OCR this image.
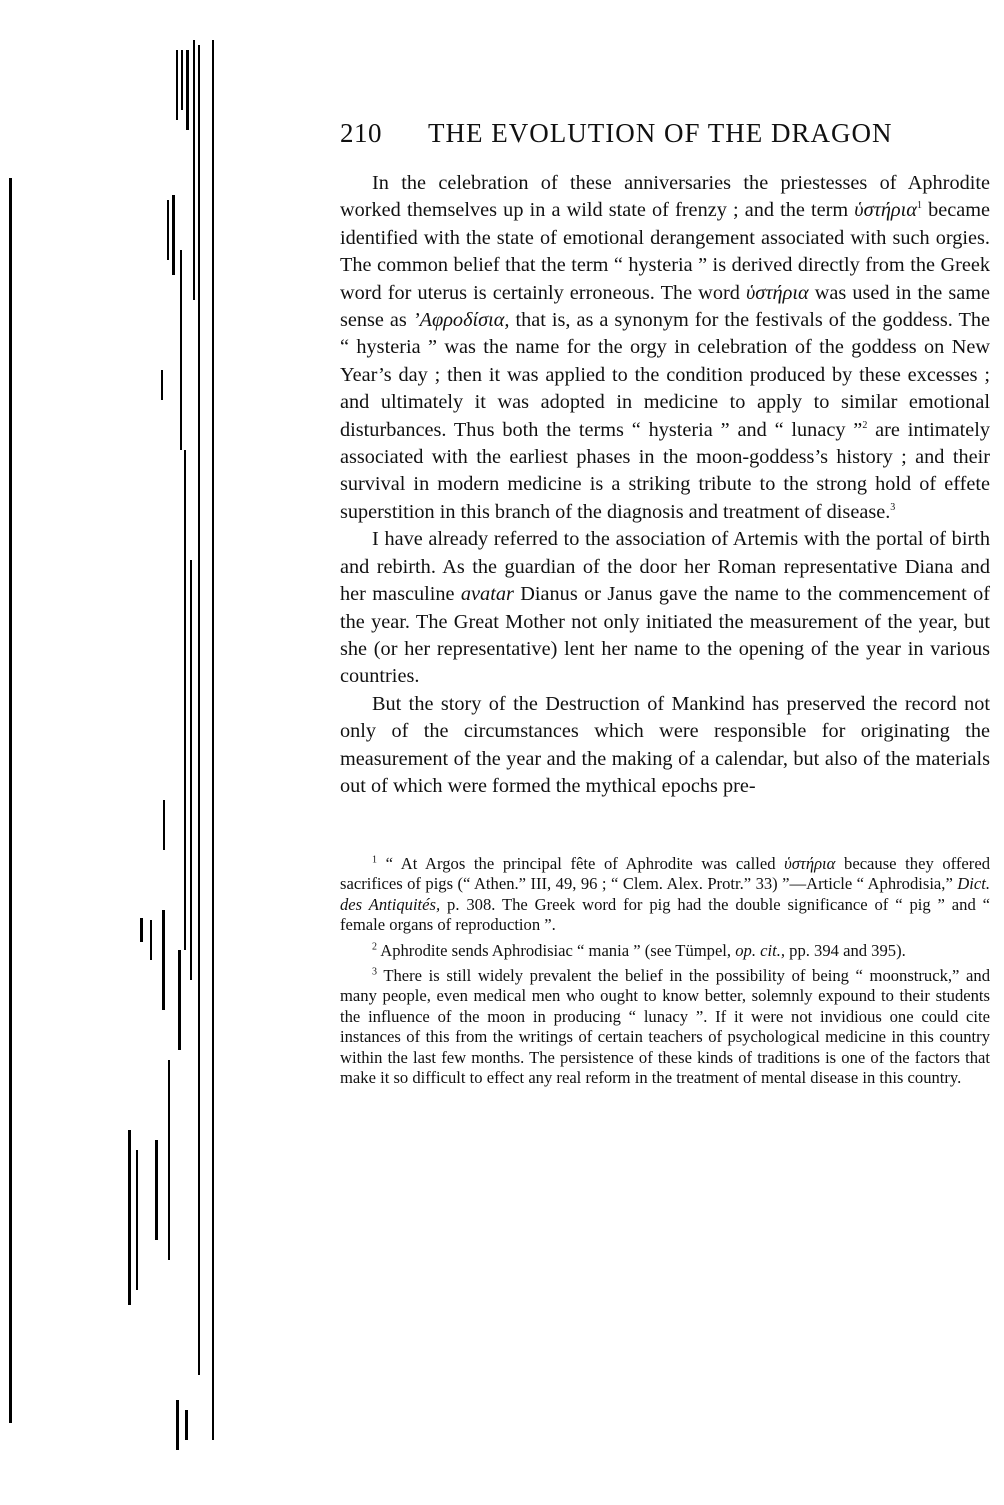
210 THE EVOLUTION OF THE DRAGON

In the celebration of these anniversaries the priestesses of Aphrodite worked themselves up in a wild state of frenzy ; and the term ὑστήρια$^1$ became identified with the state of emotional derangement associated with such orgies. The common belief that the term “ hysteria ” is derived directly from the Greek word for uterus is certainly erroneous. The word ὑστήρια was used in the same sense as ’Αφροδίσια, that is, as a synonym for the festivals of the goddess. The “ hysteria ” was the name for the orgy in celebration of the goddess on New Year’s day ; then it was applied to the condition produced by these excesses ; and ultimately it was adopted in medicine to apply to similar emotional disturbances. Thus both the terms “ hysteria ” and “ lunacy ”$^2$ are intimately associated with the earliest phases in the moon-goddess’s history ; and their survival in modern medicine is a striking tribute to the strong hold of effete superstition in this branch of the diagnosis and treatment of disease.$^3$

I have already referred to the association of Artemis with the portal of birth and rebirth. As the guardian of the door her Roman representative Diana and her masculine avatar Dianus or Janus gave the name to the commencement of the year. The Great Mother not only initiated the measurement of the year, but she (or her representative) lent her name to the opening of the year in various countries.

But the story of the Destruction of Mankind has preserved the record not only of the circumstances which were responsible for originating the measurement of the year and the making of a calendar, but also of the materials out of which were formed the mythical epochs pre-

$^1$ “ At Argos the principal fête of Aphrodite was called ὑστήρια because they offered sacrifices of pigs (“ Athen.” III, 49, 96 ; “ Clem. Alex. Protr.” 33) ”—Article “ Aphrodisia,” Dict. des Antiquités, p. 308. The Greek word for pig had the double significance of “ pig ” and “ female organs of reproduction ”.

$^2$ Aphrodite sends Aphrodisiac “ mania ” (see Tümpel, op. cit., pp. 394 and 395).

$^3$ There is still widely prevalent the belief in the possibility of being “ moonstruck,” and many people, even medical men who ought to know better, solemnly expound to their students the influence of the moon in producing “ lunacy ”. If it were not invidious one could cite instances of this from the writings of certain teachers of psychological medicine in this country within the last few months. The persistence of these kinds of traditions is one of the factors that make it so difficult to effect any real reform in the treatment of mental disease in this country.
